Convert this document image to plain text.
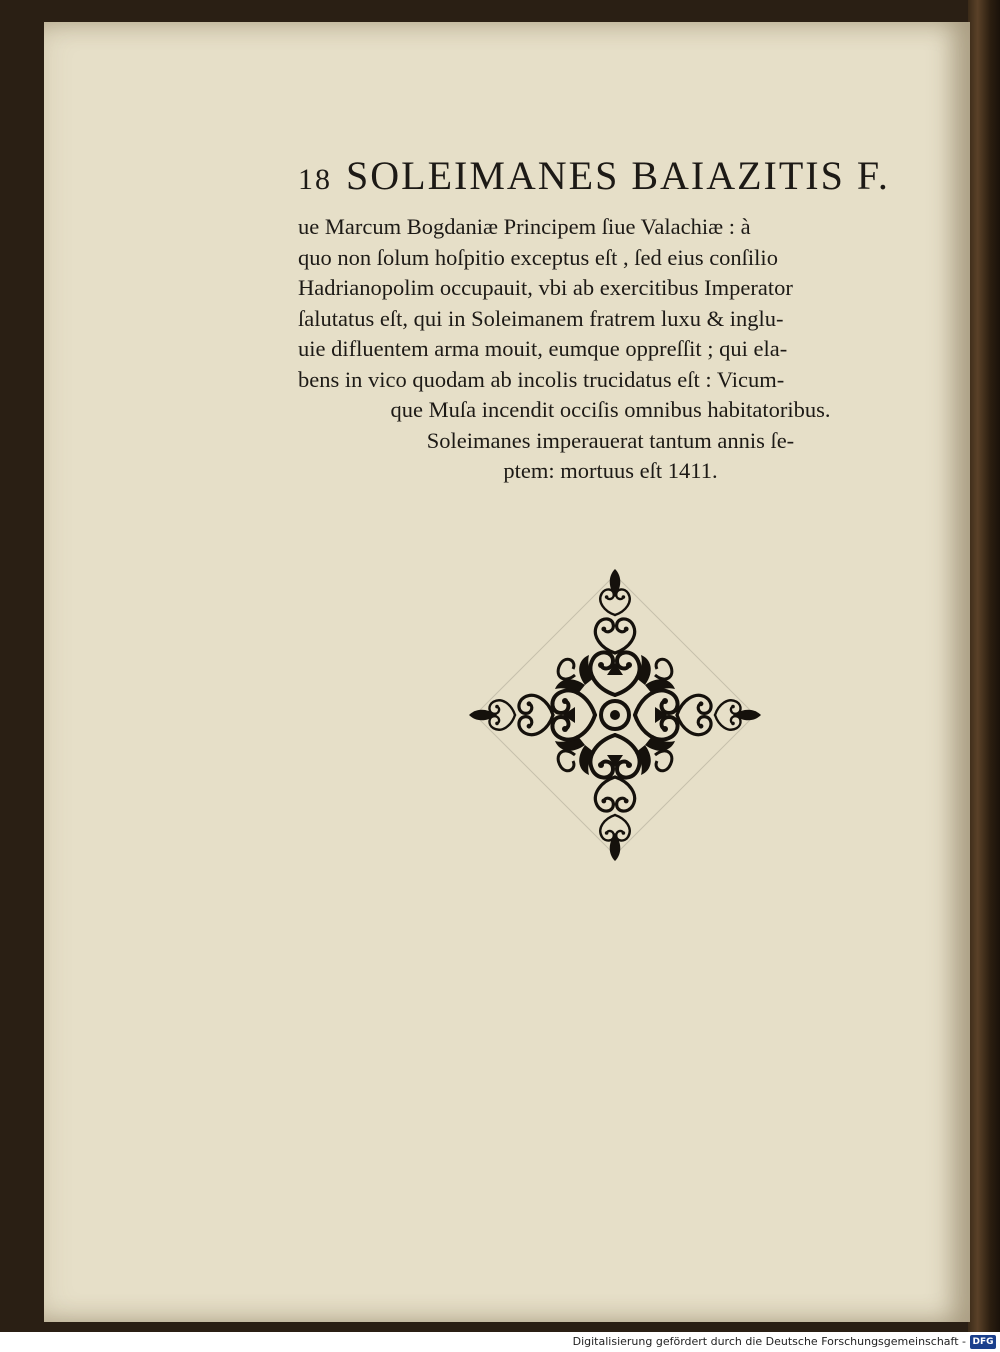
18 SOLEIMANES BAIAZITIS F.
ue Marcum Bogdaniæ Principem ſiue Valachiæ : à
quo non ſolum hoſpitio exceptus eſt , ſed eius conſilio
Hadrianopolim occupauit, vbi ab exercitibus Imperator
ſalutatus eſt, qui in Soleimanem fratrem luxu & inglu-
uie difluentem arma mouit, eumque oppreſſit ; qui ela-
bens in vico quodam ab incolis trucidatus eſt : Vicum-
que Muſa incendit occiſis omnibus habitatoribus.
Soleimanes imperauerat tantum annis ſe-
ptem: mortuus eſt 1411.
Digitalisierung gefördert durch die Deutsche Forschungsgemeinschaft - DFG
